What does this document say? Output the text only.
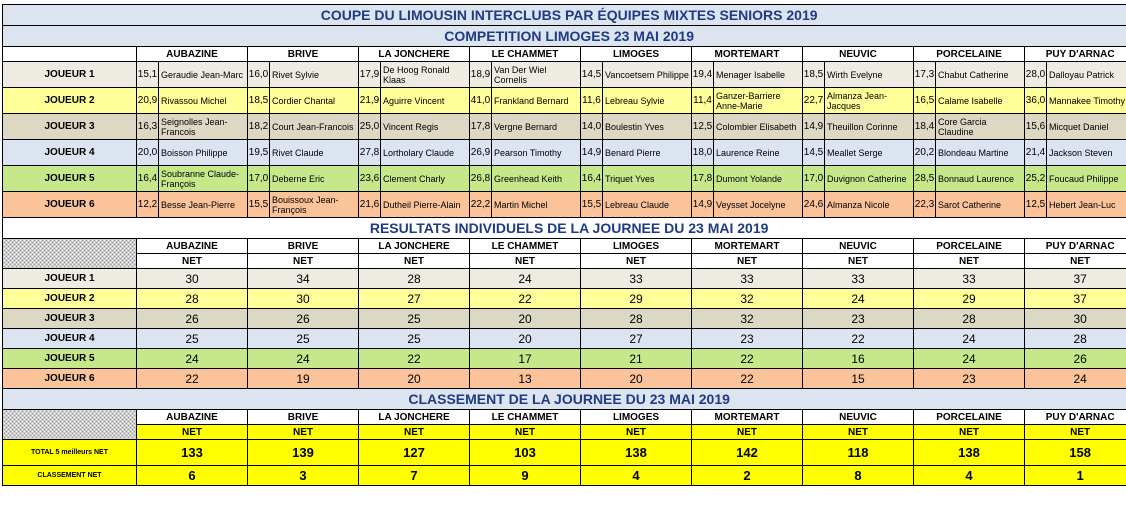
COUPE DU LIMOUSIN INTERCLUBS PAR ÉQUIPES MIXTES SENIORS 2019																		
COMPETITION LIMOGES 23 MAI 2019																		
	AUBAZINE		BRIVE		LA JONCHERE		LE CHAMMET		LIMOGES		MORTEMART		NEUVIC		PORCELAINE		PUY D'ARNAC	
JOUEUR 1	15,1	Geraudie Jean-Marc	16,0	Rivet Sylvie	17,9	De Hoog Ronald Klaas	18,9	Van Der Wiel Cornelis	14,5	Vancoetsem Philippe	19,4	Menager Isabelle	18,5	Wirth Evelyne	17,3	Chabut Catherine	28,0	Dalloyau Patrick
JOUEUR 2	20,9	Rivassou Michel	18,5	Cordier Chantal	21,9	Aguirre Vincent	41,0	Frankland Bernard	11,6	Lebreau Sylvie	11,4	Ganzer-Barriere Anne-Marie	22,7	Almanza Jean-Jacques	16,5	Calame Isabelle	36,0	Mannakee Timothy
JOUEUR 3	16,3	Seignolles Jean-Francois	18,2	Court Jean-Francois	25,0	Vincent Regis	17,8	Vergne Bernard	14,0	Boulestin Yves	12,5	Colombier Elisabeth	14,9	Theuillon Corinne	18,4	Core Garcia Claudine	15,6	Micquet Daniel
JOUEUR 4	20,0	Boisson Philippe	19,5	Rivet Claude	27,8	Lortholary Claude	26,9	Pearson Timothy	14,9	Benard Pierre	18,0	Laurence Reine	14,5	Meallet Serge	20,2	Blondeau Martine	21,4	Jackson Steven
JOUEUR 5	16,4	Soubranne Claude-François	17,0	Deberne Eric	23,6	Clement Charly	26,8	Greenhead Keith	16,4	Triquet Yves	17,8	Dumont Yolande	17,0	Duvignon Catherine	28,5	Bonnaud Laurence	25,2	Foucaud Philippe
JOUEUR 6	12,2	Besse Jean-Pierre	15,5	Bouissoux Jean-François	21,6	Dutheil Pierre-Alain	22,2	Martin Michel	15,5	Lebreau Claude	14,9	Veysset Jocelyne	24,6	Almanza Nicole	22,3	Sarot Catherine	12,5	Hebert Jean-Luc
RESULTATS INDIVIDUELS DE LA JOURNEE DU 23 MAI 2019																		
	AUBAZINE		BRIVE		LA JONCHERE		LE CHAMMET		LIMOGES		MORTEMART		NEUVIC		PORCELAINE		PUY D'ARNAC	
	NET		NET		NET		NET		NET		NET		NET		NET		NET	
JOUEUR 1	30		34		28		24		33		33		33		33		37	
JOUEUR 2	28		30		27		22		29		32		24		29		37	
JOUEUR 3	26		26		25		20		28		32		23		28		30	
JOUEUR 4	25		25		25		20		27		23		22		24		28	
JOUEUR 5	24		24		22		17		21		22		16		24		26	
JOUEUR 6	22		19		20		13		20		22		15		23		24	
CLASSEMENT DE LA JOURNEE DU 23 MAI 2019																		
	AUBAZINE		BRIVE		LA JONCHERE		LE CHAMMET		LIMOGES		MORTEMART		NEUVIC		PORCELAINE		PUY D'ARNAC	
	NET		NET		NET		NET		NET		NET		NET		NET		NET	
TOTAL 5 meilleurs NET	133		139		127		103		138		142		118		138		158	
CLASSEMENT NET	6		3		7		9		4		2		8		4		1	
